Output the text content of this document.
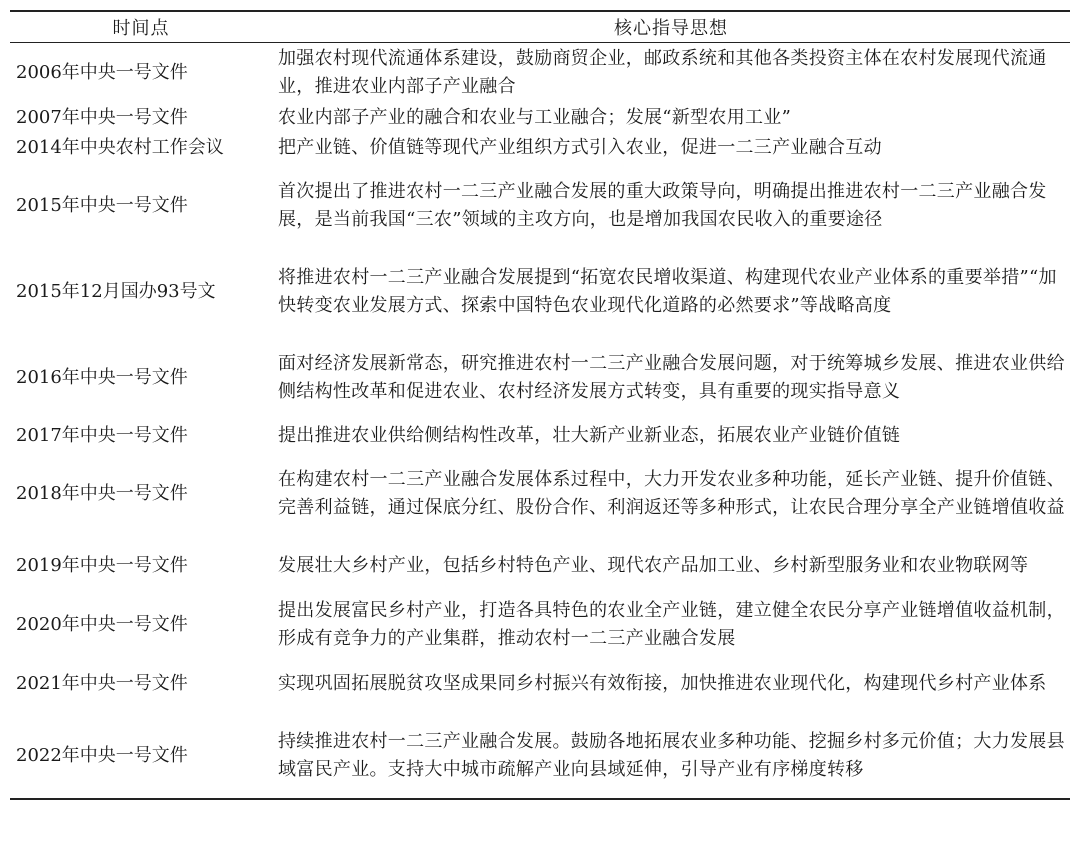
时间点	核心指导思想
2006年中央一号文件	加强农村现代流通体系建设，鼓励商贸企业，邮政系统和其他各类投资主体在农村发展现代流通业，推进农业内部子产业融合
2007年中央一号文件	农业内部子产业的融合和农业与工业融合；发展“新型农用工业”
2014年中央农村工作会议	把产业链、价值链等现代产业组织方式引入农业，促进一二三产业融合互动
2015年中央一号文件	首次提出了推进农村一二三产业融合发展的重大政策导向，明确提出推进农村一二三产业融合发展，是当前我国“三农”领域的主攻方向，也是增加我国农民收入的重要途径
2015年12月国办93号文	将推进农村一二三产业融合发展提到“拓宽农民增收渠道、构建现代农业产业体系的重要举措”“加快转变农业发展方式、探索中国特色农业现代化道路的必然要求”等战略高度
2016年中央一号文件	面对经济发展新常态，研究推进农村一二三产业融合发展问题，对于统筹城乡发展、推进农业供给侧结构性改革和促进农业、农村经济发展方式转变，具有重要的现实指导意义
2017年中央一号文件	提出推进农业供给侧结构性改革，壮大新产业新业态，拓展农业产业链价值链
2018年中央一号文件	在构建农村一二三产业融合发展体系过程中，大力开发农业多种功能，延长产业链、提升价值链、完善利益链，通过保底分红、股份合作、利润返还等多种形式，让农民合理分享全产业链增值收益
2019年中央一号文件	发展壮大乡村产业，包括乡村特色产业、现代农产品加工业、乡村新型服务业和农业物联网等
2020年中央一号文件	提出发展富民乡村产业，打造各具特色的农业全产业链，建立健全农民分享产业链增值收益机制，形成有竞争力的产业集群，推动农村一二三产业融合发展
2021年中央一号文件	实现巩固拓展脱贫攻坚成果同乡村振兴有效衔接，加快推进农业现代化，构建现代乡村产业体系
2022年中央一号文件	持续推进农村一二三产业融合发展。鼓励各地拓展农业多种功能、挖掘乡村多元价值；大力发展县域富民产业。支持大中城市疏解产业向县域延伸，引导产业有序梯度转移
